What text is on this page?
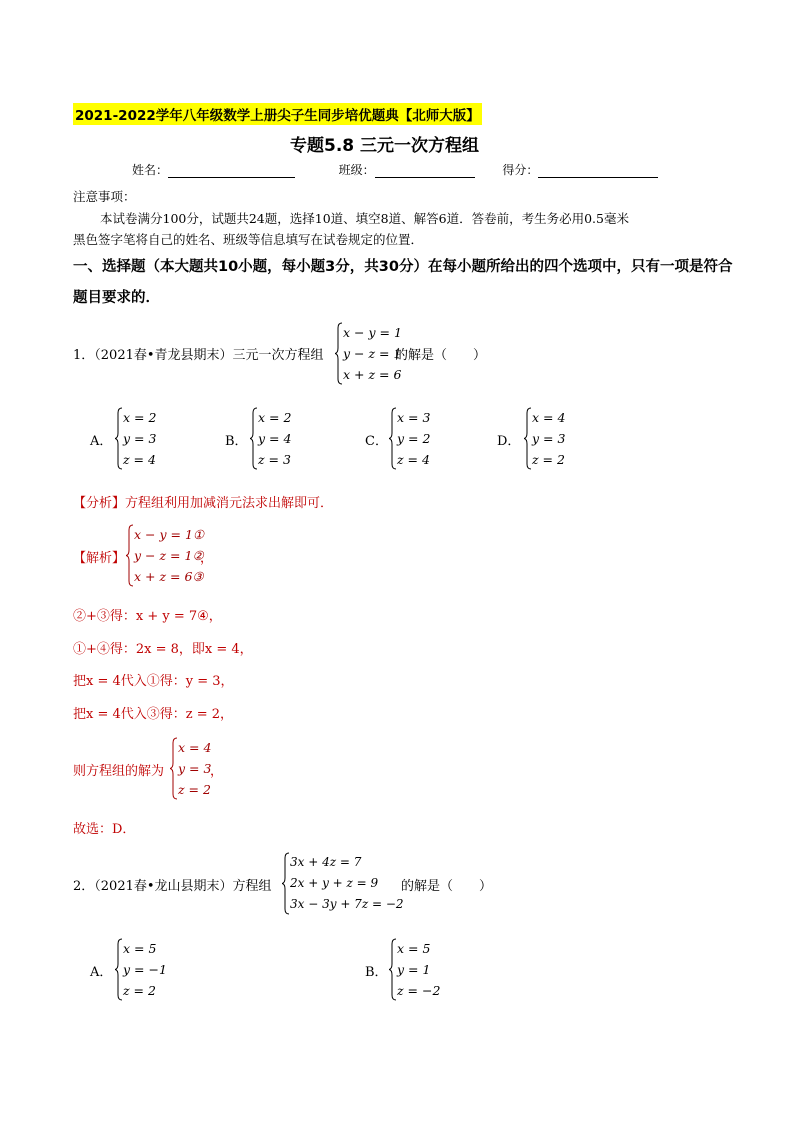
2021-2022学年八年级数学上册尖子生同步培优题典【北师大版】
专题5.8 三元一次方程组
姓名：	班级：	得分：
注意事项：
本试卷满分100分，试题共24题，选择10道、填空8道、解答6道．答卷前，考生务必用0.5毫米
黑色签字笔将自己的姓名、班级等信息填写在试卷规定的位置．
一、选择题（本大题共10小题，每小题3分，共30分）在每小题所给出的四个选项中，只有一项是符合
题目要求的．
1．（2021春•青龙县期末）三元一次方程组
x − y = 1
y − z = 1
x + z = 6
的解是（　　）
A．
x = 2
y = 3
z = 4
B．
x = 2
y = 4
z = 3
C．
x = 3
y = 2
z = 4
D．
x = 4
y = 3
z = 2
【分析】方程组利用加减消元法求出解即可．
【解析】
x − y = 1①
y − z = 1②
x + z = 6③
，
②+③得：x + y = 7④，
①+④得：2x = 8，即x = 4，
把x = 4代入①得：y = 3，
把x = 4代入③得：z = 2，
则方程组的解为
x = 4
y = 3
z = 2
，
故选：D．
2．（2021春•龙山县期末）方程组
3x + 4z = 7
2x + y + z = 9
3x − 3y + 7z = −2
的解是（　　）
A．
x = 5
y = −1
z = 2
B．
x = 5
y = 1
z = −2
